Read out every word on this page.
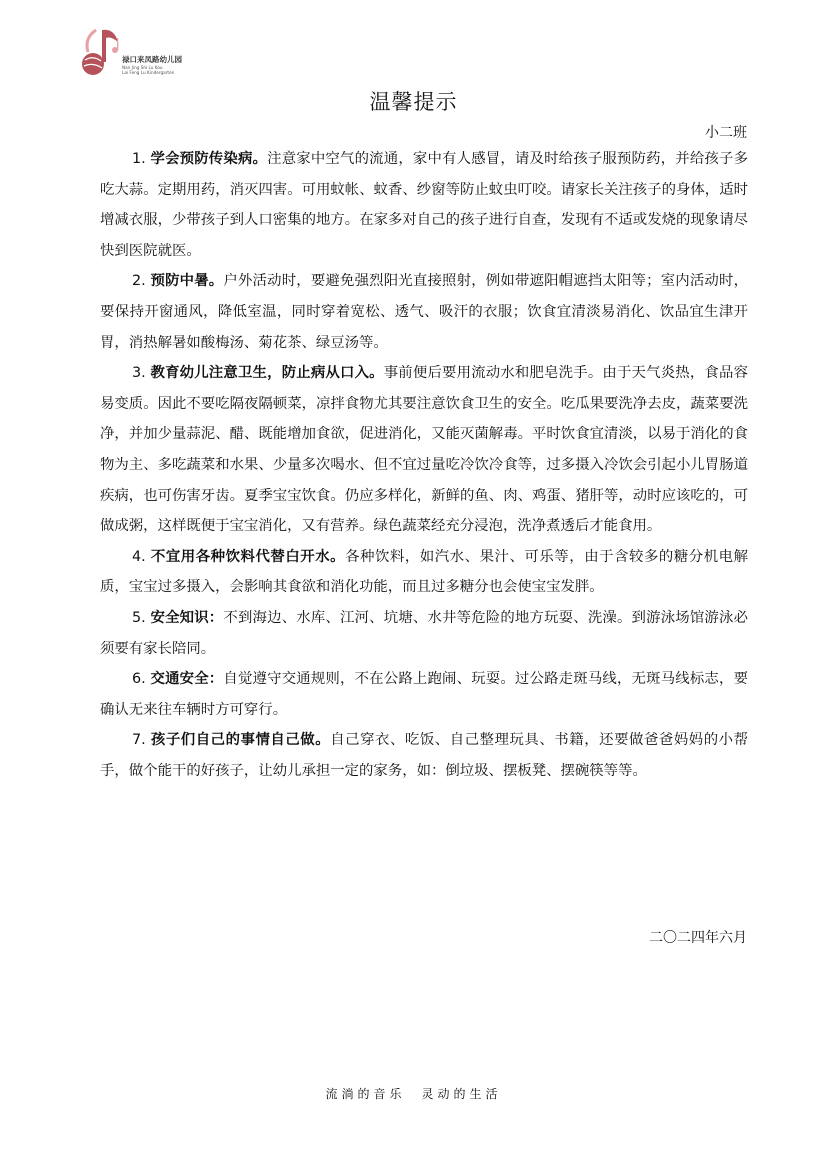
禄口来凤路幼儿园
Nan Jing Shi Lu Kou
Lai Feng Lu Kindergarten
温馨提示
小二班

1. 学会预防传染病。注意家中空气的流通，家中有人感冒，请及时给孩子服预防药，并给孩子多吃大蒜。定期用药，消灭四害。可用蚊帐、蚊香、纱窗等防止蚊虫叮咬。请家长关注孩子的身体，适时增减衣服，少带孩子到人口密集的地方。在家多对自己的孩子进行自查，发现有不适或发烧的现象请尽快到医院就医。

2. 预防中暑。户外活动时，要避免强烈阳光直接照射，例如带遮阳帽遮挡太阳等；室内活动时， 要保持开窗通风，降低室温，同时穿着宽松、透气、吸汗的衣服；饮食宜清淡易消化、饮品宜生津开胃，消热解暑如酸梅汤、菊花茶、绿豆汤等。

3. 教育幼儿注意卫生，防止病从口入。事前便后要用流动水和肥皂洗手。由于天气炎热，食品容 易变质。因此不要吃隔夜隔顿菜，凉拌食物尤其要注意饮食卫生的安全。吃瓜果要洗净去皮，蔬菜要洗净，并加少量蒜泥、醋、既能增加食欲，促进消化，又能灭菌解毒。平时饮食宜清淡，以易于消化的食物为主、多吃蔬菜和水果、少量多次喝水、但不宜过量吃冷饮冷食等，过多摄入冷饮会引起小儿胃肠道疾病，也可伤害牙齿。夏季宝宝饮食。仍应多样化，新鲜的鱼、肉、鸡蛋、猪肝等，动时应该吃的，可做成粥，这样既便于宝宝消化，又有营养。绿色蔬菜经充分浸泡，洗净煮透后才能食用。

4. 不宜用各种饮料代替白开水。各种饮料，如汽水、果汁、可乐等，由于含较多的糖分机电解质，宝宝过多摄入，会影响其食欲和消化功能，而且过多糖分也会使宝宝发胖。

5. 安全知识：不到海边、水库、江河、坑塘、水井等危险的地方玩耍、洗澡。到游泳场馆游泳必须要有家长陪同。

6. 交通安全：自觉遵守交通规则，不在公路上跑闹、玩耍。过公路走斑马线，无斑马线标志，要确认无来往车辆时方可穿行。

7. 孩子们自己的事情自己做。自己穿衣、吃饭、自己整理玩具、书籍，还要做爸爸妈妈的小帮手，做个能干的好孩子，让幼儿承担一定的家务，如：倒垃圾、摆板凳、摆碗筷等等。

二〇二四年六月
流淌的音乐 灵动的生活
